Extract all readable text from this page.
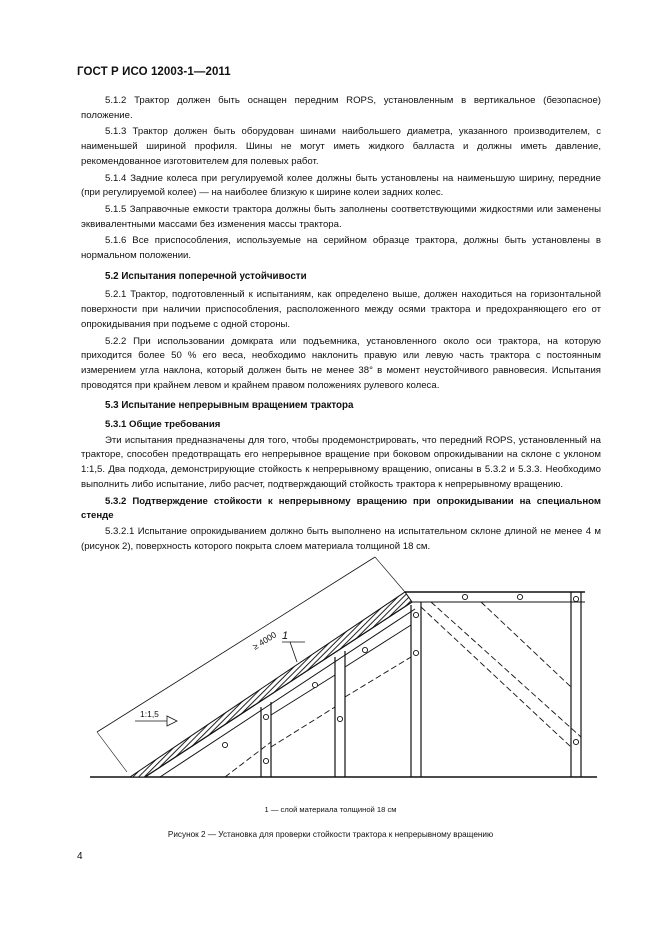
ГОСТ Р ИСО 12003-1—2011

5.1.2 Трактор должен быть оснащен передним ROPS, установленным в вертикальное (безопасное) положение.

5.1.3 Трактор должен быть оборудован шинами наибольшего диаметра, указанного производителем, с наименьшей шириной профиля. Шины не могут иметь жидкого балласта и должны иметь давление, рекомендованное изготовителем для полевых работ.

5.1.4 Задние колеса при регулируемой колее должны быть установлены на наименьшую ширину, передние (при регулируемой колее) — на наиболее близкую к ширине колеи задних колес.

5.1.5 Заправочные емкости трактора должны быть заполнены соответствующими жидкостями или заменены эквивалентными массами без изменения массы трактора.

5.1.6 Все приспособления, используемые на серийном образце трактора, должны быть установлены в нормальном положении.

5.2 Испытания поперечной устойчивости

5.2.1 Трактор, подготовленный к испытаниям, как определено выше, должен находиться на горизонтальной поверхности при наличии приспособления, расположенного между осями трактора и предохраняющего его от опрокидывания при подъеме с одной стороны.

5.2.2 При использовании домкрата или подъемника, установленного около оси трактора, на которую приходится более 50 % его веса, необходимо наклонить правую или левую часть трактора с постоянным измерением угла наклона, который должен быть не менее 38° в момент неустойчивого равновесия. Испытания проводятся при крайнем левом и крайнем правом положениях рулевого колеса.

5.3 Испытание непрерывным вращением трактора
5.3.1 Общие требования

Эти испытания предназначены для того, чтобы продемонстрировать, что передний ROPS, установленный на тракторе, способен предотвращать его непрерывное вращение при боковом опрокидывании на склоне с уклоном 1:1,5. Два подхода, демонстрирующие стойкость к непрерывному вращению, описаны в 5.3.2 и 5.3.3. Необходимо выполнить либо испытание, либо расчет, подтверждающий стойкость трактора к непрерывному вращению.

5.3.2 Подтверждение стойкости к непрерывному вращению при опрокидывании на специальном стенде

5.3.2.1 Испытание опрокидыванием должно быть выполнено на испытательном склоне длиной не менее 4 м (рисунок 2), поверхность которого покрыта слоем материала толщиной 18 см.

≥ 4000
1:1,5
1
1 — слой материала толщиной 18 см
Рисунок 2 — Установка для проверки стойкости трактора к непрерывному вращению
4
